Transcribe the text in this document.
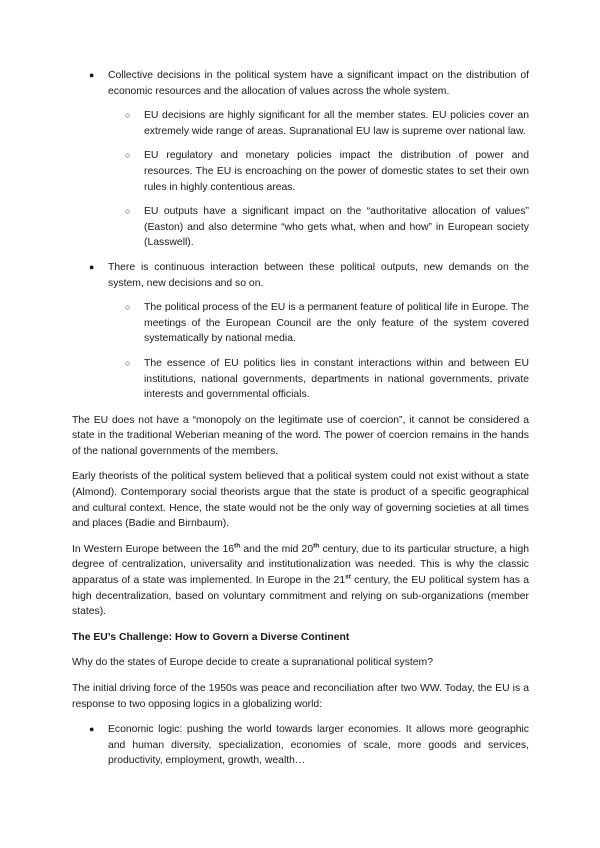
● Collective decisions in the political system have a significant impact on the distribution of economic resources and the allocation of values across the whole system.
○ EU decisions are highly significant for all the member states. EU policies cover an extremely wide range of areas. Supranational EU law is supreme over national law.
○ EU regulatory and monetary policies impact the distribution of power and resources. The EU is encroaching on the power of domestic states to set their own rules in highly contentious areas.
○ EU outputs have a significant impact on the “authoritative allocation of values” (Easton) and also determine “who gets what, when and how” in European society (Lasswell).
● There is continuous interaction between these political outputs, new demands on the system, new decisions and so on.
○ The political process of the EU is a permanent feature of political life in Europe. The meetings of the European Council are the only feature of the system covered systematically by national media.
○ The essence of EU politics lies in constant interactions within and between EU institutions, national governments, departments in national governments, private interests and governmental officials.

The EU does not have a “monopoly on the legitimate use of coercion”, it cannot be considered a state in the traditional Weberian meaning of the word. The power of coercion remains in the hands of the national governments of the members.

Early theorists of the political system believed that a political system could not exist without a state (Almond). Contemporary social theorists argue that the state is product of a specific geographical and cultural context. Hence, the state would not be the only way of governing societies at all times and places (Badie and Birnbaum).

In Western Europe between the 16th and the mid 20th century, due to its particular structure, a high degree of centralization, universality and institutionalization was needed. This is why the classic apparatus of a state was implemented. In Europe in the 21st century, the EU political system has a high decentralization, based on voluntary commitment and relying on sub-organizations (member states).

The EU’s Challenge: How to Govern a Diverse Continent

Why do the states of Europe decide to create a supranational political system?

The initial driving force of the 1950s was peace and reconciliation after two WW. Today, the EU is a response to two opposing logics in a globalizing world:

● Economic logic: pushing the world towards larger economies. It allows more geographic and human diversity, specialization, economies of scale, more goods and services, productivity, employment, growth, wealth…
